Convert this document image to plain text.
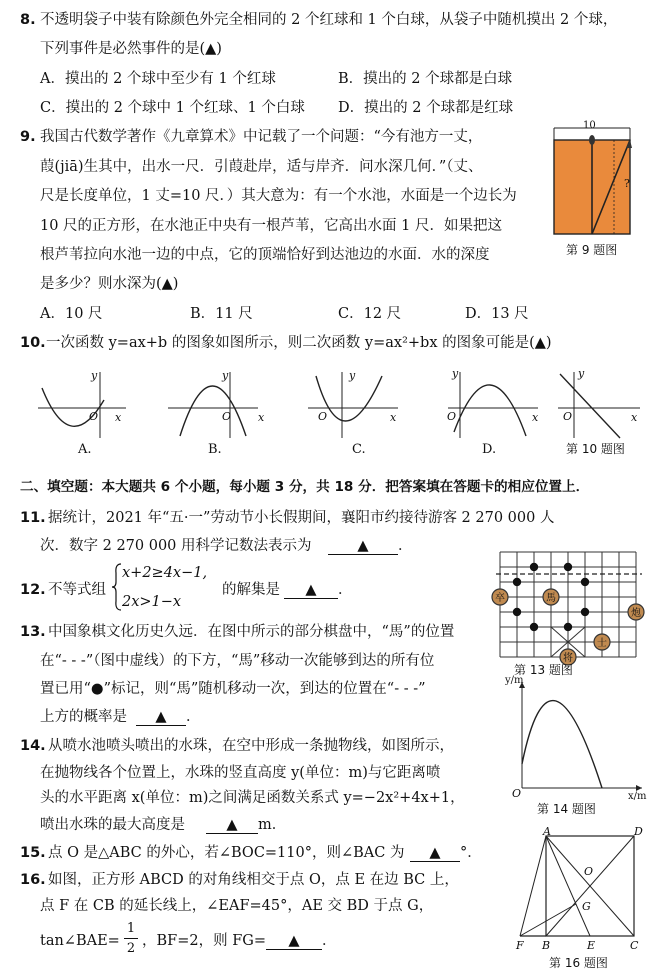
8. 不透明袋子中装有除颜色外完全相同的 2 个红球和 1 个白球，从袋子中随机摸出 2 个球，
下列事件是必然事件的是(▲)
A．摸出的 2 个球中至少有 1 个红球	B．摸出的 2 个球都是白球
C．摸出的 2 个球中 1 个红球、1 个白球 D．摸出的 2 个球都是红球
9. 我国古代数学著作《九章算术》中记载了一个问题：“今有池方一丈，
葭(jiā)生其中，出水一尺．引葭赴岸，适与岸齐．问水深几何．”（丈、
尺是长度单位，1 丈=10 尺．）其大意为：有一个水池，水面是一个边长为
10 尺的正方形，在水池正中央有一根芦苇，它高出水面 1 尺．如果把这
根芦苇拉向水池一边的中点，它的顶端恰好到达池边的水面．水的深度
是多少？则水深为(▲)
A．10 尺	B．11 尺	C．12 尺	D．13 尺
10
?
第 9 题图
10. 一次函数 y=ax+b 的图象如图所示，则二次函数 y=ax²+bx 的图象可能是(▲)
y
x
O
A.
y
x
O
B.
y
x
O
C.
y
x
O
D.
y
x
O
第 10 题图
二、填空题：本大题共 6 个小题，每小题 3 分，共 18 分．把答案填在答题卡的相应位置上．
11. 据统计，2021 年“五·一”劳动节小长假期间，襄阳市约接待游客 2 270 000 人
次．数字 2 270 000 用科学记数法表示为	▲	．
12. 不等式组
x+2≥4x−1,
2x>1−x
的解集是	▲	．
卒	馬
炮
将
士
第 13 题图
13. 中国象棋文化历史久远．在图中所示的部分棋盘中，“馬”的位置
在“- - -”（图中虚线）的下方，“馬”移动一次能够到达的所有位
置已用“●”标记，则“馬”随机移动一次，到达的位置在“- - -”
上方的概率是	▲	．
y/m
x/m
O
第 14 题图
14. 从喷水池喷头喷出的水珠，在空中形成一条抛物线，如图所示，
在抛物线各个位置上，水珠的竖直高度 y(单位：m)与它距离喷
头的水平距离 x(单位：m)之间满足函数关系式 y=−2x²+4x+1，
喷出水珠的最大高度是	▲	m．
15. 点 O 是△ABC 的外心，若∠BOC=110°，则∠BAC 为	▲	°．
16. 如图，正方形 ABCD 的对角线相交于点 O，点 E 在边 BC 上，
点 F 在 CB 的延长线上，∠EAF=45°，AE 交 BD 于点 G，
tan∠BAE=
1
2 ，BF=2，则 FG=	▲	．
A	D
O
G
F B	E	C
第 16 题图
